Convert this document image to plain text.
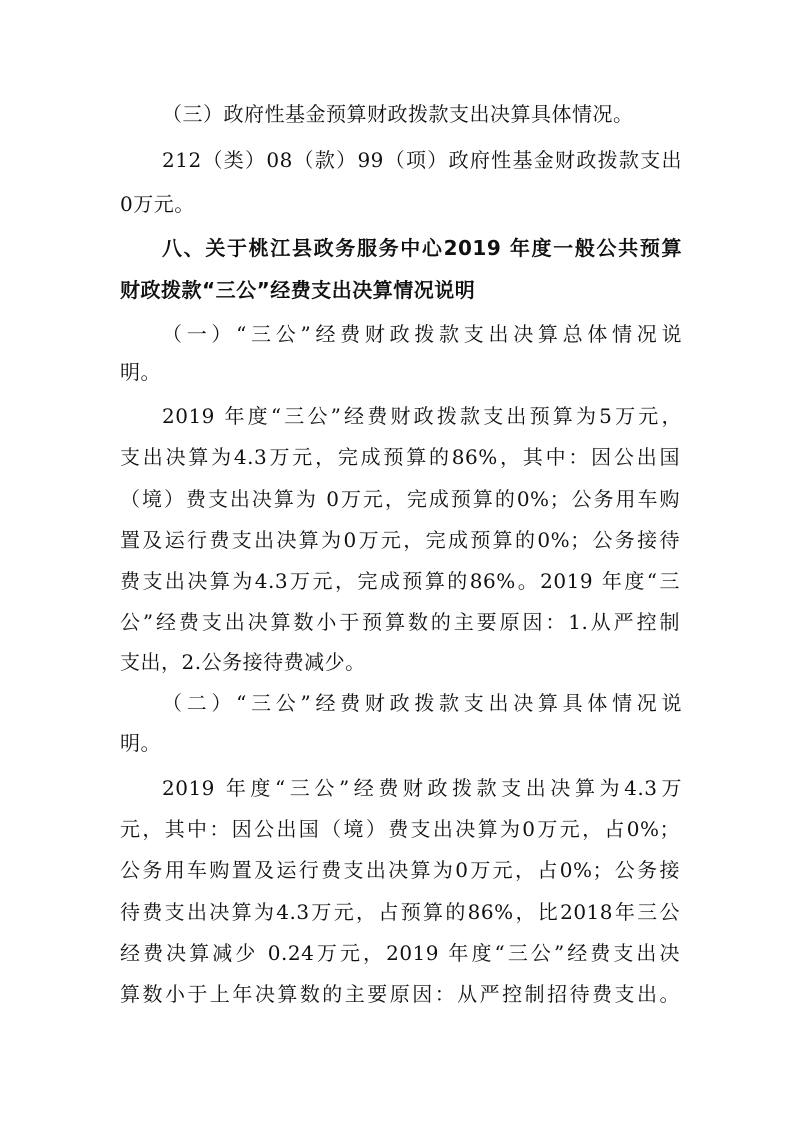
（三）政府性基金预算财政拨款支出决算具体情况。
212（类）08（款）99（项）政府性基金财政拨款支出
0万元。
八、关于桃江县政务服务中心2019 年度一般公共预算
财政拨款“三公”经费支出决算情况说明
（一）“三公”经费财政拨款支出决算总体情况说
明。
2019 年度“三公”经费财政拨款支出预算为5万元，
支出决算为4.3万元，完成预算的86%，其中：因公出国
（境）费支出决算为 0万元，完成预算的0%；公务用车购
置及运行费支出决算为0万元，完成预算的0%；公务接待
费支出决算为4.3万元，完成预算的86%。2019 年度“三
公”经费支出决算数小于预算数的主要原因：1.从严控制
支出，2.公务接待费减少。
（二）“三公”经费财政拨款支出决算具体情况说
明。
2019 年度“三公”经费财政拨款支出决算为4.3万
元，其中：因公出国（境）费支出决算为0万元，占0%；
公务用车购置及运行费支出决算为0万元，占0%；公务接
待费支出决算为4.3万元，占预算的86%，比2018年三公
经费决算减少 0.24万元，2019 年度“三公”经费支出决
算数小于上年决算数的主要原因：从严控制招待费支出。
